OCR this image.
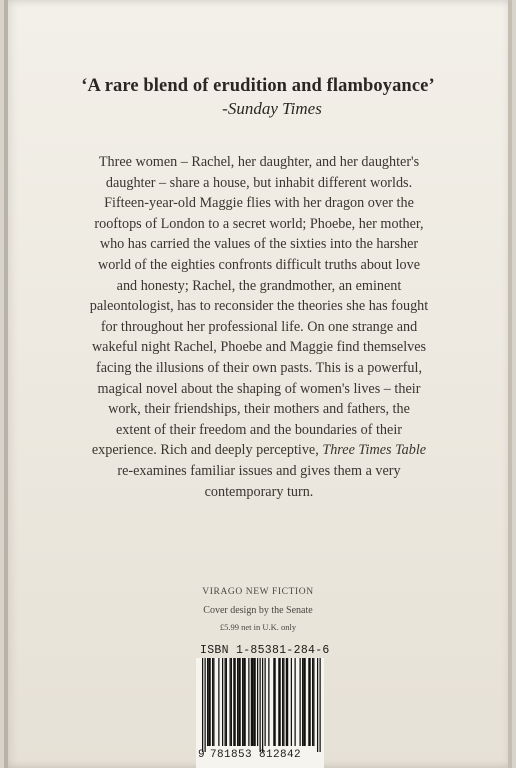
‘A rare blend of erudition and flamboyance’
-Sunday Times
Three women – Rachel, her daughter, and her daughter's
daughter – share a house, but inhabit different worlds.
Fifteen-year-old Maggie flies with her dragon over the
rooftops of London to a secret world; Phoebe, her mother,
who has carried the values of the sixties into the harsher
world of the eighties confronts difficult truths about love
and honesty; Rachel, the grandmother, an eminent
paleontologist, has to reconsider the theories she has fought
for throughout her professional life. On one strange and
wakeful night Rachel, Phoebe and Maggie find themselves
facing the illusions of their own pasts. This is a powerful,
magical novel about the shaping of women's lives – their
work, their friendships, their mothers and fathers, the
extent of their freedom and the boundaries of their
experience. Rich and deeply perceptive, Three Times Table
re-examines familiar issues and gives them a very
contemporary turn.
VIRAGO NEW FICTION
Cover design by the Senate
£5.99 net in U.K. only
ISBN 1-85381-284-6
9 781853 812842
